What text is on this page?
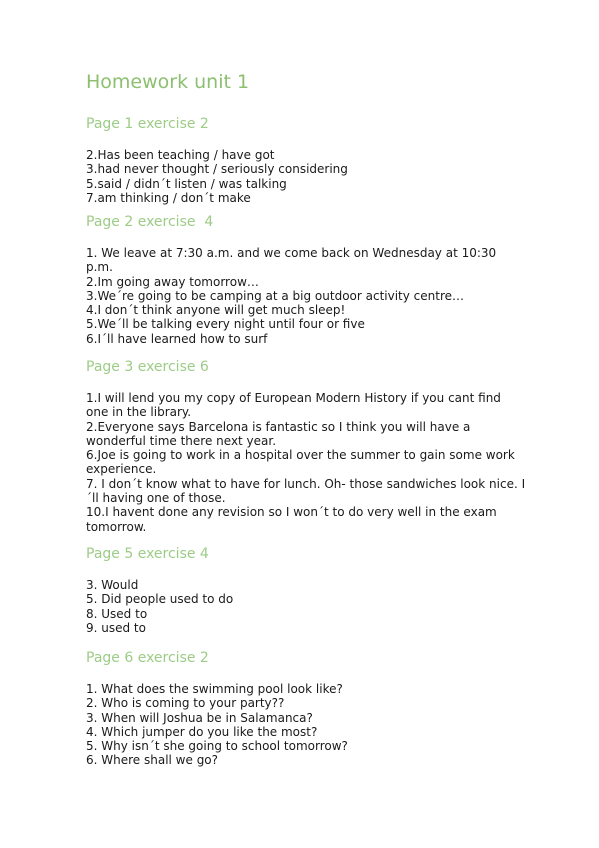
Homework unit 1
Page 1 exercise 2
2.Has been teaching / have got
3.had never thought / seriously considering
5.said / didn´t listen / was talking
7.am thinking / don´t make
Page 2 exercise  4
1. We leave at 7:30 a.m. and we come back on Wednesday at 10:30 p.m.
2.Im going away tomorrow…
3.We´re going to be camping at a big outdoor activity centre…
4.I don´t think anyone will get much sleep!
5.We´ll be talking every night until four or five
6.I´ll have learned how to surf
Page 3 exercise 6
1.I will lend you my copy of European Modern History if you cant find one in the library.
2.Everyone says Barcelona is fantastic so I think you will have a wonderful time there next year.
6.Joe is going to work in a hospital over the summer to gain some work experience.
7. I don´t know what to have for lunch. Oh- those sandwiches look nice. I´ll having one of those.
10.I havent done any revision so I won´t to do very well in the exam tomorrow.
Page 5 exercise 4
3. Would
5. Did people used to do
8. Used to
9. used to
Page 6 exercise 2
1. What does the swimming pool look like?
2. Who is coming to your party??
3. When will Joshua be in Salamanca?
4. Which jumper do you like the most?
5. Why isn´t she going to school tomorrow?
6. Where shall we go?
